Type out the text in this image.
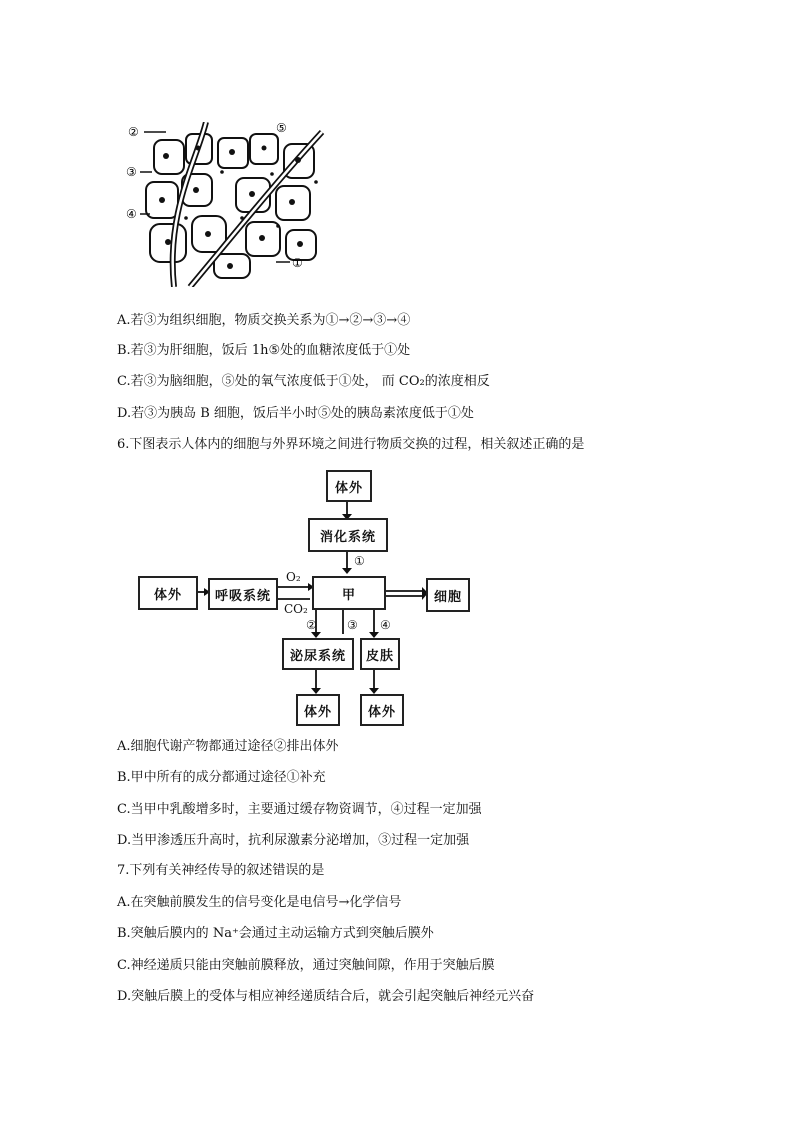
②
③
④
⑤
①
A.若③为组织细胞，物质交换关系为①→②→③→④
B.若③为肝细胞，饭后 1h⑤处的血糖浓度低于①处
C.若③为脑细胞，⑤处的氧气浓度低于①处， 而 CO₂的浓度相反
D.若③为胰岛 B 细胞，饭后半小时⑤处的胰岛素浓度低于①处
6.下图表示人体内的细胞与外界环境之间进行物质交换的过程，相关叙述正确的是
体外
消化系统
①
体外	呼吸系统
O₂
CO₂
甲	细胞
②	③ ④
泌尿系统	皮肤
体外	体外
A.细胞代谢产物都通过途径②排出体外
B.甲中所有的成分都通过途径①补充
C.当甲中乳酸增多时，主要通过缓存物资调节，④过程一定加强
D.当甲渗透压升高时，抗利尿激素分泌增加，③过程一定加强
7.下列有关神经传导的叙述错误的是
A.在突触前膜发生的信号变化是电信号→化学信号
B.突触后膜内的 Na⁺会通过主动运输方式到突触后膜外
C.神经递质只能由突触前膜释放，通过突触间隙，作用于突触后膜
D.突触后膜上的受体与相应神经递质结合后，就会引起突触后神经元兴奋
